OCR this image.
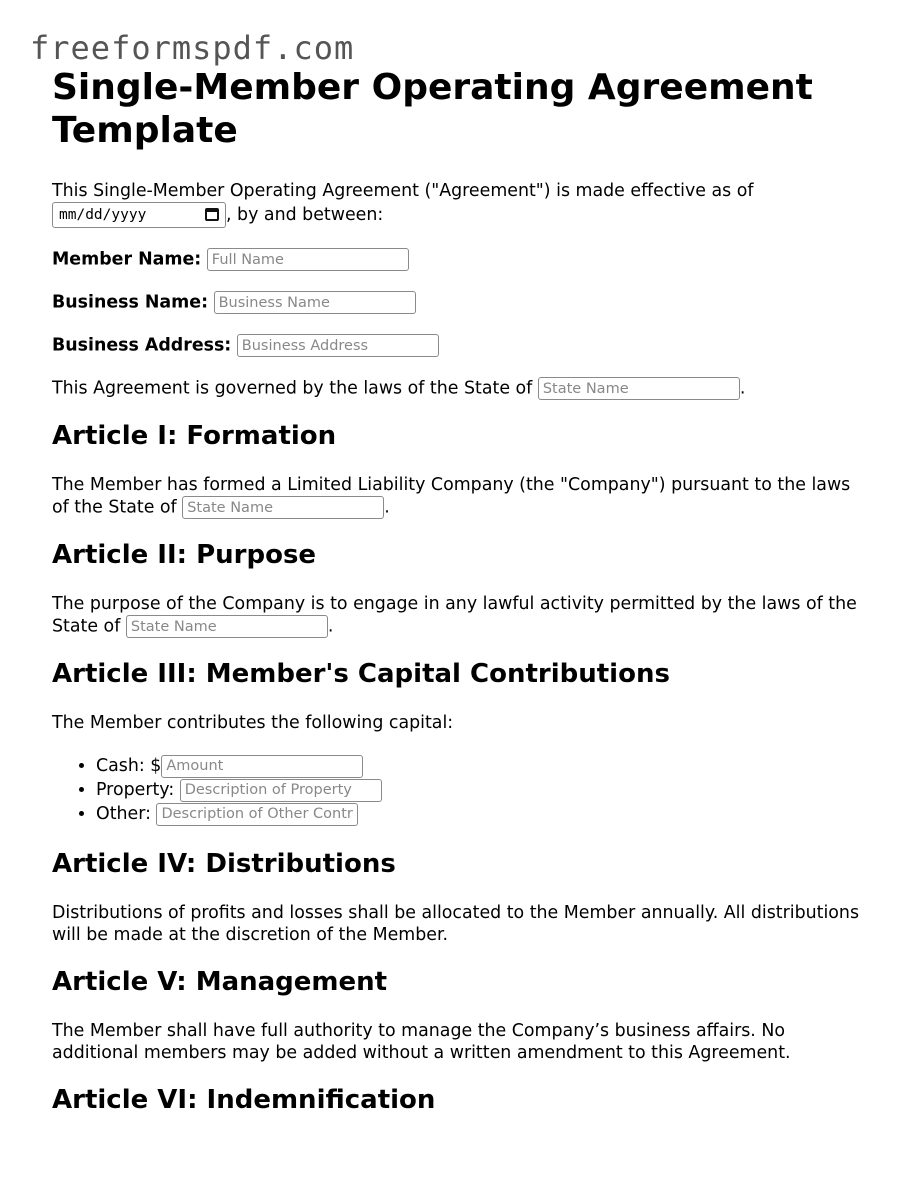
freeformspdf.com
Single-Member Operating Agreement Template

This Single-Member Operating Agreement ("Agreement") is made effective as of
mm/dd/yyyy	, by and between:

Member Name: Full Name

Business Name: Business Name

Business Address: Business Address

This Agreement is governed by the laws of the State of State Name	.

Article I: Formation

The Member has formed a Limited Liability Company (the "Company") pursuant to the laws of the State of State Name	.

Article II: Purpose

The purpose of the Company is to engage in any lawful activity permitted by the laws of the State of State Name	.

Article III: Member's Capital Contributions

The Member contributes the following capital:

• Cash: $Amount
• Property: Description of Property
• Other: Description of Other Contributions
Article IV: Distributions

Distributions of profits and losses shall be allocated to the Member annually. All distributions will be made at the discretion of the Member.

Article V: Management

The Member shall have full authority to manage the Company’s business affairs. No additional members may be added without a written amendment to this Agreement.

Article VI: Indemnification
